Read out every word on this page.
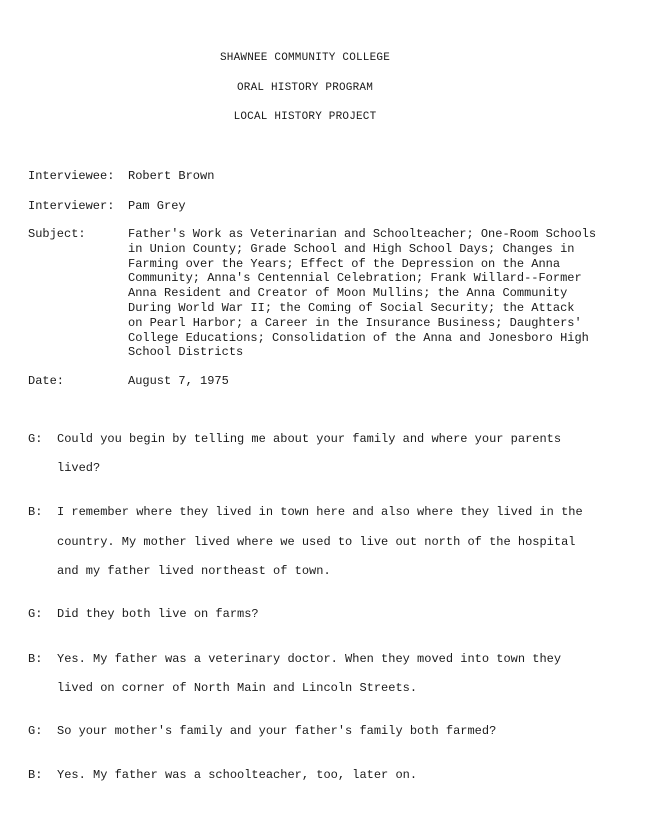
SHAWNEE COMMUNITY COLLEGE
ORAL HISTORY PROGRAM
LOCAL HISTORY PROJECT
Interviewee: Robert Brown
Interviewer: Pam Grey
Subject:	Father's Work as Veterinarian and Schoolteacher; One-Room Schools
in Union County; Grade School and High School Days; Changes in
Farming over the Years; Effect of the Depression on the Anna
Community; Anna's Centennial Celebration; Frank Willard--Former
Anna Resident and Creator of Moon Mullins; the Anna Community
During World War II; the Coming of Social Security; the Attack
on Pearl Harbor; a Career in the Insurance Business; Daughters'
College Educations; Consolidation of the Anna and Jonesboro High
School Districts
Date:	August 7, 1975
G: Could you begin by telling me about your family and where your parents
lived?
B: I remember where they lived in town here and also where they lived in the
country. My mother lived where we used to live out north of the hospital
and my father lived northeast of town.
G: Did they both live on farms?
B: Yes. My father was a veterinary doctor. When they moved into town they
lived on corner of North Main and Lincoln Streets.
G: So your mother's family and your father's family both farmed?
B: Yes. My father was a schoolteacher, too, later on.
